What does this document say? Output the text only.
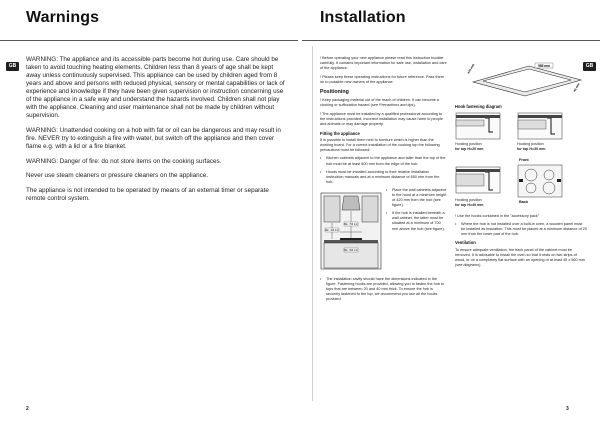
Warnings
GB

WARNING: The appliance and its accessible parts become hot during use. Care should be taken to avoid touching heating elements. Children less than 8 years of age shall be kept away unless continuously supervised. This appliance can be used by children aged from 8 years and above and persons with reduced physical, sensory or mental capabilities or lack of experience and knowledge if they have been given supervision or instruction concerning use of the appliance in a safe way and understand the hazards involved. Children shall not play with the appliance. Cleaning and user maintenance shall not be made by children without supervision.

WARNING: Unattended cooking on a hob with fat or oil can be dangerous and may result in fire. NEVER try to extinguish a fire with water, but switch off the appliance and then cover flame e.g. with a lid or a fire blanket.

WARNING: Danger of fire: do not store items on the cooking surfaces.

Never use steam cleaners or pressure cleaners on the appliance.

The appliance is not intended to be operated by means of an external timer or separate remote control system.

2
Installation
GB

! Before operating your new appliance please read this instruction booklet carefully. It contains important information for safe use, installation and care of the appliance.

! Please keep these operating instructions for future reference. Pass them on to possible new owners of the appliance.

Positioning

! Keep packaging material out of the reach of children. It can become a choking or suffocation hazard (see Precautions and tips).

! The appliance must be installed by a qualified professional according to the instructions provided. Incorrect installation may cause harm to people and animals or may damage property.

Fitting the appliance

It is possible to install them next to furniture which is higher than the working board. For a correct installation of the cooking top the following precautions must be followed:

• Kitchen cabinets adjacent to the appliance and taller than the top of the hob must be at least 600 mm from the edge of the hob.
• Hoods must be installed according to their relative Installation Instruction manuals and at a minimum distance of 650 mm from the hob.
Min. 700 mm
Min. 420 mm
Min. 600 mm
• Place the wall cabinets adjacent to the hood at a minimum height of 420 mm from the hob (see figure).
• If the hob is installed beneath a wall cabinet, the latter must be situated at a minimum of 700 mm above the hob (see figure).
• The installation cavity should have the dimensions indicated in the figure. Fastening hooks are provided, allowing you to fasten the hob to tops that are between 20 and 40 mm thick. To ensure the hob is securely fastened to the top, we recommend you use all the hooks provided.
555 mm
475 mm
45 mm
Hook fastening diagram
Hooking position
for top H=20 mm
Hooking position
for top H=30 mm
Front
Hooking position
for top H=40 mm
Back

! Use the hooks contained in the "accessory pack"

• Where the hob is not installed over a built-in oven, a wooden panel must be installed as insulation. This must be placed at a minimum distance of 20 mm from the lower part of the hob.
Ventilation

To ensure adequate ventilation, the back panel of the cabinet must be removed. It is advisable to install the oven so that it rests on two strips of wood, or on a completely flat surface with an opening of at least 45 x 560 mm (see diagrams).

3
